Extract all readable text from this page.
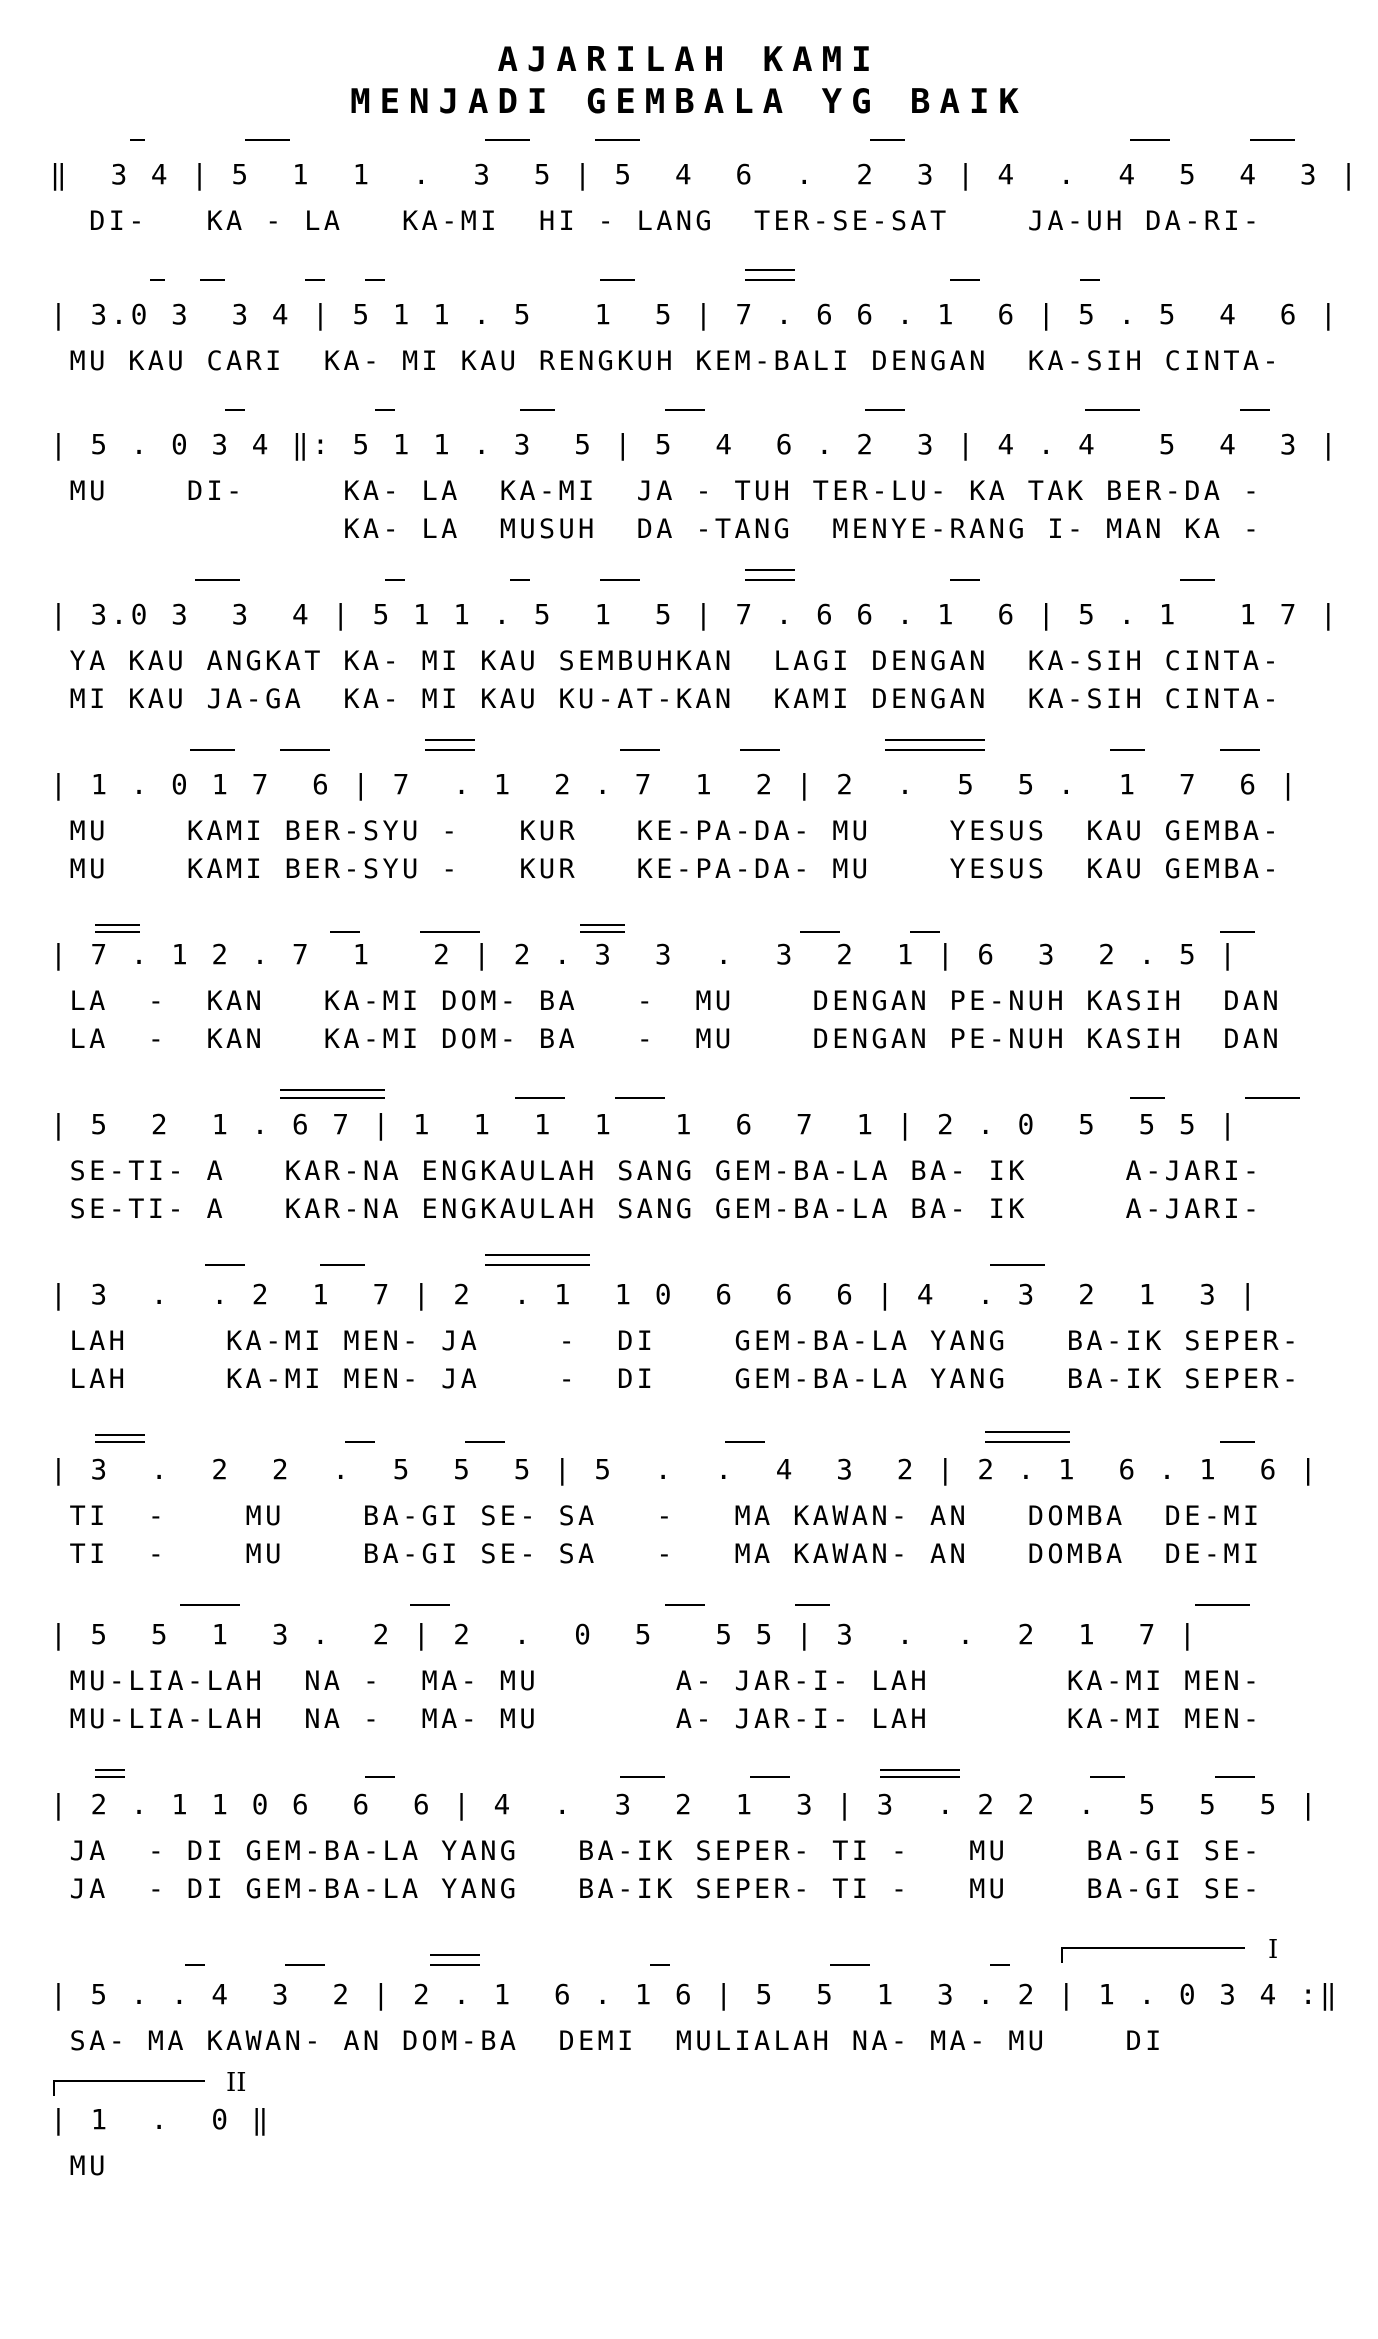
AJARILAH KAMI
MENJADI GEMBALA YG BAIK
‖  3 4 | 5  1  1  .  3  5 | 5  4  6  .  2  3 | 4  .  4  5  4  3 |
DI-   KA - LA   KA-MI  HI - LANG  TER-SE-SAT    JA-UH DA-RI-
| 3.0 3  3 4 | 5 1 1 . 5   1  5 | 7 . 6 6 . 1  6 | 5 . 5  4  6 |
MU KAU CARI  KA- MI KAU RENGKUH KEM-BALI DENGAN  KA-SIH CINTA-
| 5 . 0 3 4 ‖: 5 1 1 . 3  5 | 5  4  6 . 2  3 | 4 . 4   5  4  3 |
MU    DI-     KA- LA  KA-MI  JA - TUH TER-LU- KA TAK BER-DA -
KA- LA  MUSUH  DA -TANG  MENYE-RANG I- MAN KA -
| 3.0 3  3  4 | 5 1 1 . 5  1  5 | 7 . 6 6 . 1  6 | 5 . 1   1 7 |
YA KAU ANGKAT KA- MI KAU SEMBUHKAN  LAGI DENGAN  KA-SIH CINTA-
MI KAU JA-GA  KA- MI KAU KU-AT-KAN  KAMI DENGAN  KA-SIH CINTA-
| 1 . 0 1 7  6 | 7  . 1  2 . 7  1  2 | 2  .  5  5 .  1  7  6 |
MU    KAMI BER-SYU -   KUR   KE-PA-DA- MU    YESUS  KAU GEMBA-
MU    KAMI BER-SYU -   KUR   KE-PA-DA- MU    YESUS  KAU GEMBA-
| 7 . 1 2 . 7  1   2 | 2 . 3  3  .  3  2  1 | 6  3  2 . 5 |
LA  -  KAN   KA-MI DOM- BA   -  MU    DENGAN PE-NUH KASIH  DAN
LA  -  KAN   KA-MI DOM- BA   -  MU    DENGAN PE-NUH KASIH  DAN
| 5  2  1 . 6 7 | 1  1  1  1   1  6  7  1 | 2 . 0  5  5 5 |
SE-TI- A   KAR-NA ENGKAULAH SANG GEM-BA-LA BA- IK     A-JARI-
SE-TI- A   KAR-NA ENGKAULAH SANG GEM-BA-LA BA- IK     A-JARI-
| 3  .  . 2  1  7 | 2  . 1  1 0  6  6  6 | 4  . 3  2  1  3 |
LAH     KA-MI MEN- JA    -  DI    GEM-BA-LA YANG   BA-IK SEPER-
LAH     KA-MI MEN- JA    -  DI    GEM-BA-LA YANG   BA-IK SEPER-
| 3  .  2  2  .  5  5  5 | 5  .  .  4  3  2 | 2 . 1  6 . 1  6 |
TI  -    MU    BA-GI SE- SA   -   MA KAWAN- AN   DOMBA  DE-MI
TI  -    MU    BA-GI SE- SA   -   MA KAWAN- AN   DOMBA  DE-MI
| 5  5  1  3 .  2 | 2  .  0  5   5 5 | 3  .  .  2  1  7 |
MU-LIA-LAH  NA -  MA- MU       A- JAR-I- LAH       KA-MI MEN-
MU-LIA-LAH  NA -  MA- MU       A- JAR-I- LAH       KA-MI MEN-
| 2 . 1 1 0 6  6  6 | 4  .  3  2  1  3 | 3  . 2 2  .  5  5  5 |
JA  - DI GEM-BA-LA YANG   BA-IK SEPER- TI -   MU    BA-GI SE-
JA  - DI GEM-BA-LA YANG   BA-IK SEPER- TI -   MU    BA-GI SE-
| 5 . . 4  3  2 | 2 . 1  6 . 1 6 | 5  5  1  3 . 2 | 1 . 0 3 4 :‖
SA- MA KAWAN- AN DOM-BA  DEMI  MULIALAH NA- MA- MU    DI
| 1  .  0 ‖
MU
I
II
